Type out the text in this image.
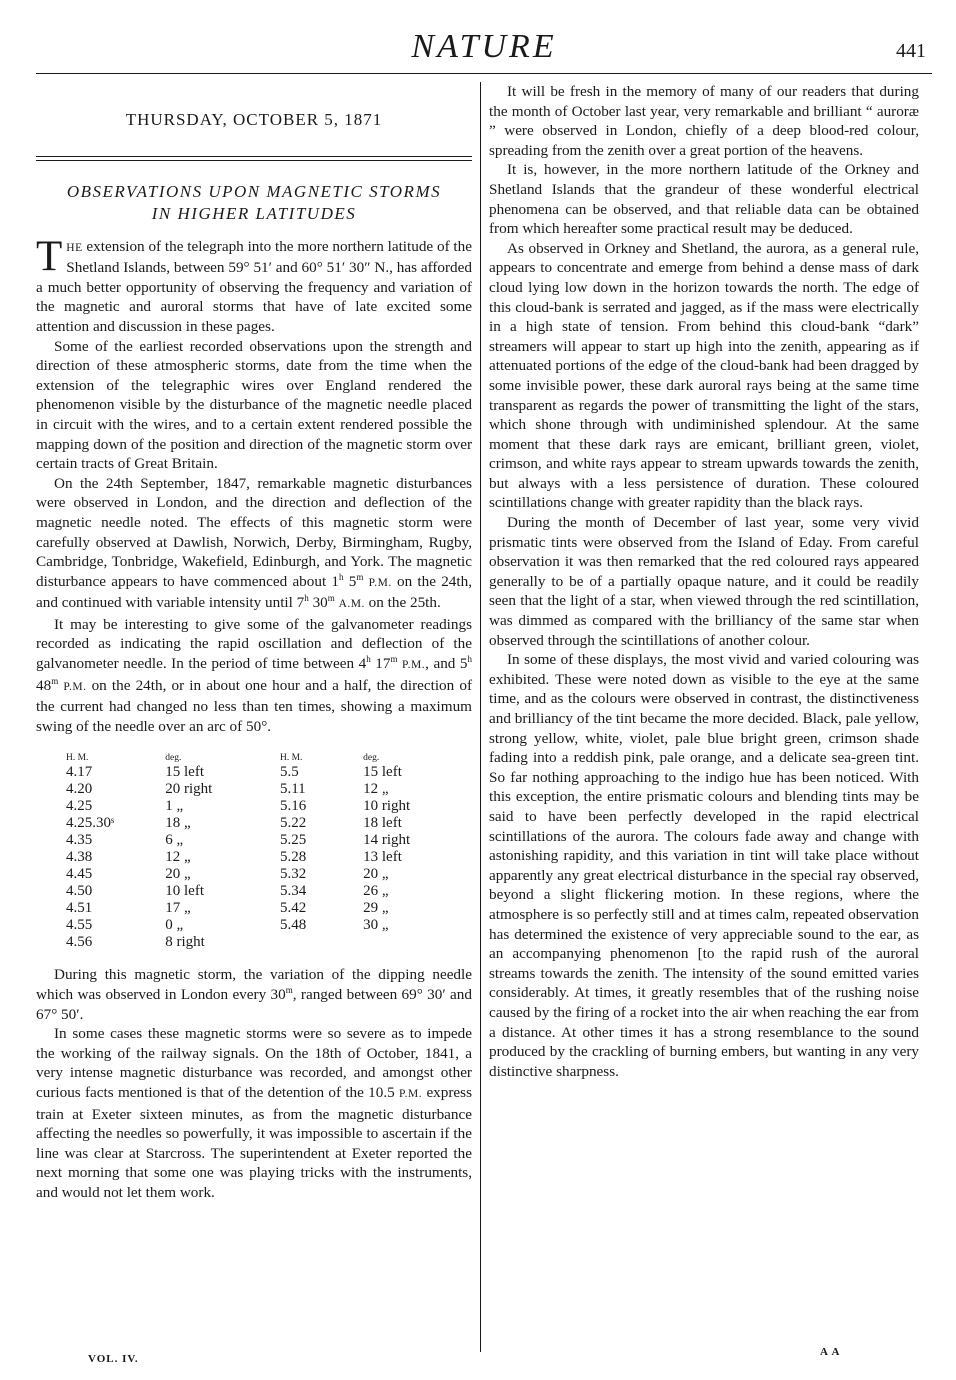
NATURE	441
THURSDAY, OCTOBER 5, 1871
OBSERVATIONS UPON MAGNETIC STORMS
IN HIGHER LATITUDES

THE extension of the telegraph into the more northern latitude of the Shetland Islands, between 59° 51′ and 60° 51′ 30″ N., has afforded a much better opportunity of observing the frequency and variation of the magnetic and auroral storms that have of late excited some attention and discussion in these pages.

Some of the earliest recorded observations upon the strength and direction of these atmospheric storms, date from the time when the extension of the telegraphic wires over England rendered the phenomenon visible by the disturbance of the magnetic needle placed in circuit with the wires, and to a certain extent rendered possible the mapping down of the position and direction of the magnetic storm over certain tracts of Great Britain.

On the 24th September, 1847, remarkable magnetic disturbances were observed in London, and the direction and deflection of the magnetic needle noted. The effects of this magnetic storm were carefully observed at Dawlish, Norwich, Derby, Birmingham, Rugby, Cambridge, Tonbridge, Wakefield, Edinburgh, and York. The magnetic disturbance appears to have commenced about 1$^h$ 5$^m$ P.M. on the 24th, and continued with variable intensity until 7$^h$ 30$^m$ A.M. on the 25th.

It may be interesting to give some of the galvanometer readings recorded as indicating the rapid oscillation and deflection of the galvanometer needle. In the period of time between 4$^h$ 17$^m$ P.M., and 5$^h$ 48$^m$ P.M. on the 24th, or in about one hour and a half, the direction of the current had changed no less than ten times, showing a maximum swing of the needle over an arc of 50°.

H. M.	deg.	H. M.	deg.
4.17	15 left	5.5	15 left
4.20	20 right	5.11	12 „
4.25	1 „	5.16	10 right
4.25.30ˢ	18 „	5.22	18 left
4.35	6 „	5.25	14 right
4.38	12 „	5.28	13 left
4.45	20 „	5.32	20 „
4.50	10 left	5.34	26 „
4.51	17 „	5.42	29 „
4.55	0 „	5.48	30 „
4.56	8 right		

During this magnetic storm, the variation of the dipping needle which was observed in London every 30$^m$, ranged between 69° 30′ and 67° 50′.

In some cases these magnetic storms were so severe as to impede the working of the railway signals. On the 18th of October, 1841, a very intense magnetic disturbance was recorded, and amongst other curious facts mentioned is that of the detention of the 10.5 P.M. express train at Exeter sixteen minutes, as from the magnetic disturbance affecting the needles so powerfully, it was impossible to ascertain if the line was clear at Starcross. The superintendent at Exeter reported the next morning that some one was playing tricks with the instruments, and would not let them work.

It will be fresh in the memory of many of our readers that during the month of October last year, very remarkable and brilliant “ auroræ ” were observed in London, chiefly of a deep blood-red colour, spreading from the zenith over a great portion of the heavens.

It is, however, in the more northern latitude of the Orkney and Shetland Islands that the grandeur of these wonderful electrical phenomena can be observed, and that reliable data can be obtained from which hereafter some practical result may be deduced.

As observed in Orkney and Shetland, the aurora, as a general rule, appears to concentrate and emerge from behind a dense mass of dark cloud lying low down in the horizon towards the north. The edge of this cloud-bank is serrated and jagged, as if the mass were electrically in a high state of tension. From behind this cloud-bank “dark” streamers will appear to start up high into the zenith, appearing as if attenuated portions of the edge of the cloud-bank had been dragged by some invisible power, these dark auroral rays being at the same time transparent as regards the power of transmitting the light of the stars, which shone through with undiminished splendour. At the same moment that these dark rays are emicant, brilliant green, violet, crimson, and white rays appear to stream upwards towards the zenith, but always with a less persistence of duration. These coloured scintillations change with greater rapidity than the black rays.

During the month of December of last year, some very vivid prismatic tints were observed from the Island of Eday. From careful observation it was then remarked that the red coloured rays appeared generally to be of a partially opaque nature, and it could be readily seen that the light of a star, when viewed through the red scintillation, was dimmed as compared with the brilliancy of the same star when observed through the scintillations of another colour.

In some of these displays, the most vivid and varied colouring was exhibited. These were noted down as visible to the eye at the same time, and as the colours were observed in contrast, the distinctiveness and brilliancy of the tint became the more decided. Black, pale yellow, strong yellow, white, violet, pale blue bright green, crimson shade fading into a reddish pink, pale orange, and a delicate sea-green tint. So far nothing approaching to the indigo hue has been noticed. With this exception, the entire prismatic colours and blending tints may be said to have been perfectly developed in the rapid electrical scintillations of the aurora. The colours fade away and change with astonishing rapidity, and this variation in tint will take place without apparently any great electrical disturbance in the special ray observed, beyond a slight flickering motion. In these regions, where the atmosphere is so perfectly still and at times calm, repeated observation has determined the existence of very appreciable sound to the ear, as an accompanying phenomenon [to the rapid rush of the auroral streams towards the zenith. The intensity of the sound emitted varies considerably. At times, it greatly resembles that of the rushing noise caused by the firing of a rocket into the air when reaching the ear from a distance. At other times it has a strong resemblance to the sound produced by the crackling of burning embers, but wanting in any very distinctive sharpness.

VOL. IV.
A A
